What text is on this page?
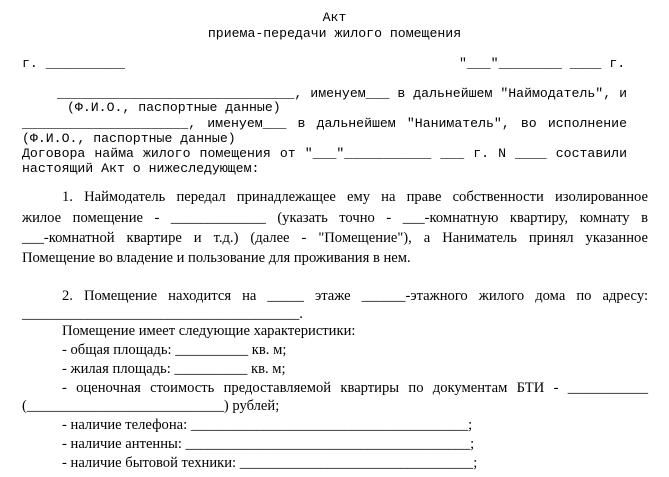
Акт
приема-передачи жилого помещения
г. __________	"___"________ ____ г.
______________________________, именуем___ в дальнейшем "Наймодатель", и
(Ф.И.О., паспортные данные)
_____________________, именуем___ в дальнейшем "Наниматель", во исполнение
(Ф.И.О., паспортные данные)
Договора найма жилого помещения от "___"___________ ___ г. N ____ составили
настоящий Акт о нижеследующем:
1. Наймодатель передал принадлежащее ему на праве собственности изолированное
жилое помещение - _____________ (указать точно - ___-комнатную квартиру, комнату в
___-комнатной квартире и т.д.) (далее - "Помещение"), а Наниматель принял указанное
Помещение во владение и пользование для проживания в нем.
2. Помещение находится на _____ этаже ______-этажного жилого дома по адресу:
______________________________________.
Помещение имеет следующие характеристики:
- общая площадь: __________ кв. м;
- жилая площадь: __________ кв. м;
- оценочная стоимость предоставляемой квартиры по документам БТИ - ___________
(___________________________) рублей;
- наличие телефона: ______________________________________;
- наличие антенны: _______________________________________;
- наличие бытовой техники: ________________________________;
